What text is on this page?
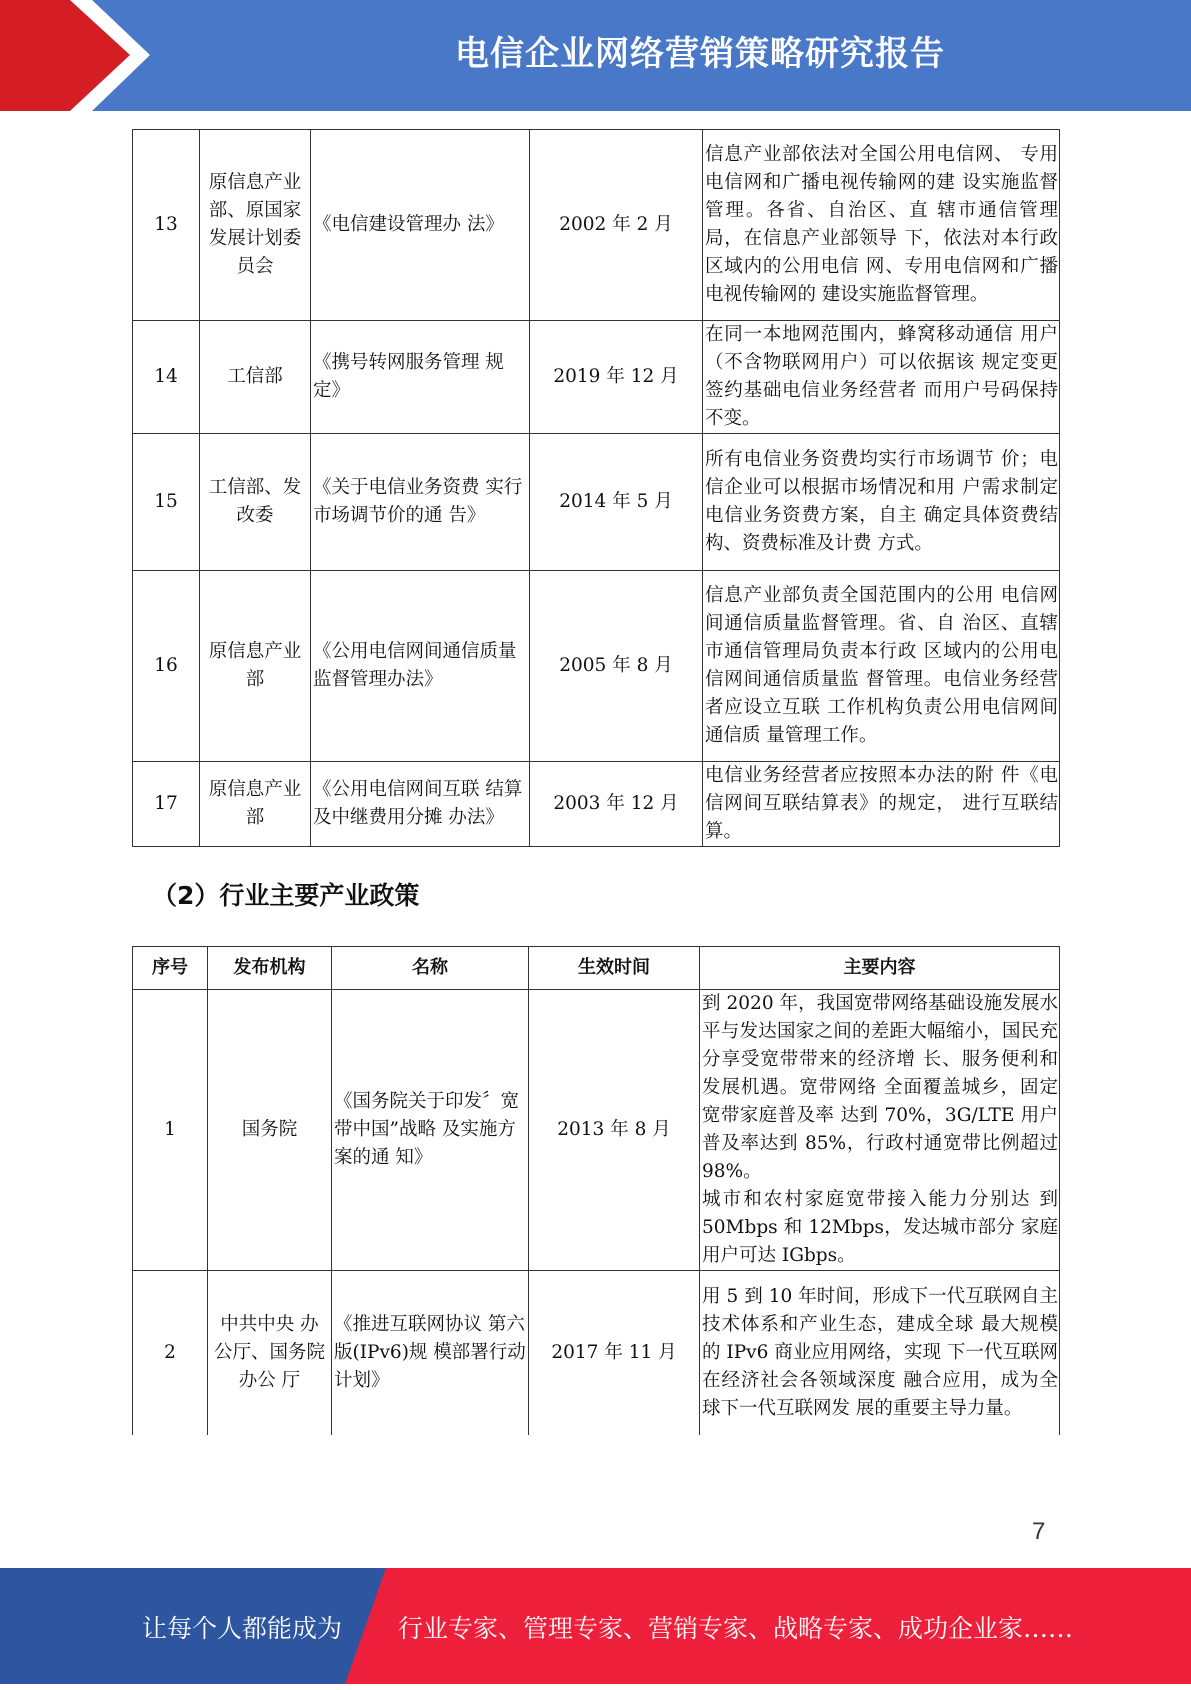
电信企业网络营销策略研究报告
13	原信息产业部、原国家发展计划委员会	《电信建设管理办 法》	2002 年 2 月	信息产业部依法对全国公用电信网、 专用电信网和广播电视传输网的建 设实施监督管理。各省、自治区、直 辖市通信管理局，在信息产业部领导 下，依法对本行政区域内的公用电信 网、专用电信网和广播电视传输网的 建设实施监督管理。
14	工信部	《携号转网服务管理 规定》	2019 年 12 月	在同一本地网范围内，蜂窝移动通信 用户（不含物联网用户）可以依据该 规定变更签约基础电信业务经营者 而用户号码保持不变。
15	工信部、发改委	《关于电信业务资费 实行市场调节价的通 告》	2014 年 5 月	所有电信业务资费均实行市场调节 价；电信企业可以根据市场情况和用 户需求制定电信业务资费方案，自主 确定具体资费结构、资费标准及计费 方式。
16	原信息产业部	《公用电信网间通信质量监督管理办法》	2005 年 8 月	信息产业部负责全国范围内的公用 电信网间通信质量监督管理。省、自 治区、直辖市通信管理局负责本行政 区域内的公用电信网间通信质量监 督管理。电信业务经营者应设立互联 工作机构负责公用电信网间通信质 量管理工作。
17	原信息产业部	《公用电信网间互联 结算及中继费用分摊 办法》	2003 年 12 月	电信业务经营者应按照本办法的附 件《电信网间互联结算表》的规定， 进行互联结算。
（2）行业主要产业政策
序号	发布机构	名称	生效时间	主要内容
1	国务院	《国务院关于印发〞宽带中国”战略 及实施方案的通 知》	2013 年 8 月	到 2020 年，我国宽带网络基础设施发展水平与发达国家之间的差距大幅缩小，国民充分享受宽带带来的经济增 长、服务便利和发展机遇。宽带网络 全面覆盖城乡，固定宽带家庭普及率 达到 70%，3G/LTE 用户普及率达到 85%，行政村通宽带比例超过 98%。
城市和农村家庭宽带接入能力分别达 到 50Mbps 和 12Mbps，发达城市部分 家庭用户可达 IGbps。

2	中共中央 办公厅、国务院办公 厅	《推进互联网协议 第六版(IPv6)规 模部署行动计划》	2017 年 11 月	用 5 到 10 年时间，形成下一代互联网自主技术体系和产业生态，建成全球 最大规模的 IPv6 商业应用网络，实现 下一代互联网在经济社会各领域深度 融合应用，成为全球下一代互联网发 展的重要主导力量。
7
让每个人都能成为 行业专家、管理专家、营销专家、战略专家、成功企业家……
